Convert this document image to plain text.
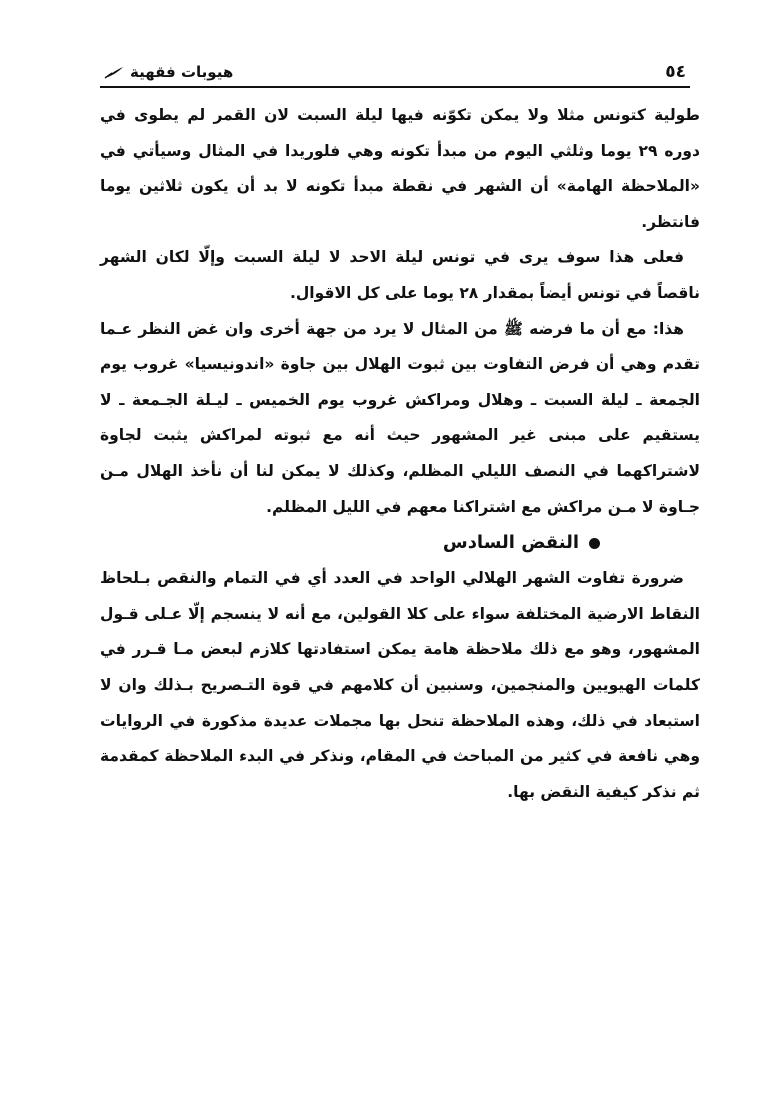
٥٤
هيوبات فقهية

طولية كتونس مثلا ولا يمكن تكوّنه فيها ليلة السبت لان القمر لم يطوى في دوره ٢٩ يوما وثلثي اليوم من مبدأ تكونه وهي فلوريدا في المثال وسيأتي في «الملاحظة الهامة» أن الشهر في نقطة مبدأ تكونه لا بد أن يكون ثلاثين يوما فانتظر.

فعلى هذا سوف يرى في تونس ليلة الاحد لا ليلة السبت وإلّا لكان الشهر ناقصاً في تونس أيضاً بمقدار ٢٨ يوما على كل الاقوال.

هذا: مع أن ما فرضه ﷺ من المثال لا يرد من جهة أخرى وان غض النظر عـما تقدم وهي أن فرض التفاوت بين ثبوت الهلال بين جاوة «اندونيسيا» غروب يوم الجمعة ـ ليلة السبت ـ وهلال ومراكش غروب يوم الخميس ـ ليـلة الجـمعة ـ لا يستقيم على مبنى غير المشهور حيث أنه مع ثبوته لمراكش يثبت لجاوة لاشتراكهما في النصف الليلي المظلم، وكذلك لا يمكن لنا أن نأخذ الهلال مـن جـاوة لا مـن مراكش مع اشتراكنا معهم في الليل المظلم.

النقض السادس

ضرورة تفاوت الشهر الهلالي الواحد في العدد أي في التمام والنقص بـلحاظ النقاط الارضية المختلفة سواء على كلا القولين، مع أنه لا ينسجم إلّا عـلى قـول المشهور، وهو مع ذلك ملاحظة هامة يمكن استفادتها كلازم لبعض مـا قـرر في كلمات الهيويين والمنجمين، وسنبين أن كلامهم في قوة التـصريح بـذلك وان لا استبعاد في ذلك، وهذه الملاحظة تنحل بها مجملات عديدة مذكورة في الروايات وهي نافعة في كثير من المباحث في المقام، ونذكر في البدء الملاحظة كمقدمة ثم نذكر كيفية النقض بها.
